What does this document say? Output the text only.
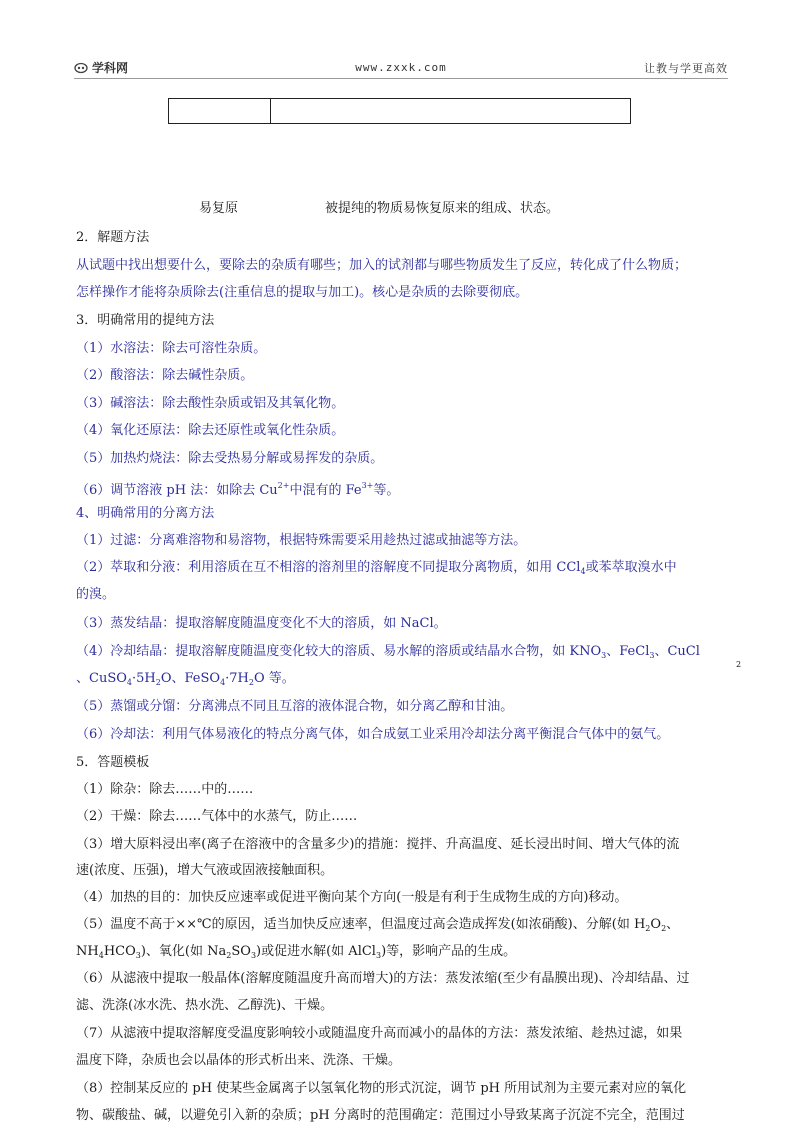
学科网	www.zxxk.com	让教与学更高效
易复原	被提纯的物质易恢复原来的组成、状态。
2．解题方法
从试题中找出想要什么，要除去的杂质有哪些；加入的试剂都与哪些物质发生了反应，转化成了什么物质；
怎样操作才能将杂质除去(注重信息的提取与加工)。核心是杂质的去除要彻底。
3．明确常用的提纯方法
（1）水溶法：除去可溶性杂质。
（2）酸溶法：除去碱性杂质。
（3）碱溶法：除去酸性杂质或铝及其氧化物。
（4）氧化还原法：除去还原性或氧化性杂质。
（5）加热灼烧法：除去受热易分解或易挥发的杂质。
（6）调节溶液 pH 法：如除去 $Cu^{2+}$中混有的 $Fe^{3+}$等。
4、明确常用的分离方法
（1）过滤：分离难溶物和易溶物，根据特殊需要采用趁热过滤或抽滤等方法。
（2）萃取和分液：利用溶质在互不相溶的溶剂里的溶解度不同提取分离物质，如用 CCl$_4$或苯萃取溴水中
的溴。
（3）蒸发结晶：提取溶解度随温度变化不大的溶质，如 NaCl。
（4）冷却结晶：提取溶解度随温度变化较大的溶质、易水解的溶质或结晶水合物，如 $KNO_3$、FeCl$_3$、CuCl
2
、$CuSO_4\cdot 5H_2O$、$FeSO_4\cdot 7H_2O$ 等。
（5）蒸馏或分馏：分离沸点不同且互溶的液体混合物，如分离乙醇和甘油。
（6）冷却法：利用气体易液化的特点分离气体，如合成氨工业采用冷却法分离平衡混合气体中的氨气。
5．答题模板
（1）除杂：除去……中的……
（2）干燥：除去……气体中的水蒸气，防止……
（3）增大原料浸出率(离子在溶液中的含量多少)的措施：搅拌、升高温度、延长浸出时间、增大气体的流
速(浓度、压强)，增大气液或固液接触面积。
（4）加热的目的：加快反应速率或促进平衡向某个方向(一般是有利于生成物生成的方向)移动。
（5）温度不高于××℃的原因，适当加快反应速率，但温度过高会造成挥发(如浓硝酸)、分解(如 $H_2O_2$、
$NH_4HCO_3$)、氧化(如 $Na_2SO_3$)或促进水解(如 AlCl$_3$)等，影响产品的生成。
（6）从滤液中提取一般晶体(溶解度随温度升高而增大)的方法：蒸发浓缩(至少有晶膜出现)、冷却结晶、过
滤、洗涤(冰水洗、热水洗、乙醇洗)、干燥。
（7）从滤液中提取溶解度受温度影响较小或随温度升高而减小的晶体的方法：蒸发浓缩、趁热过滤，如果
温度下降，杂质也会以晶体的形式析出来、洗涤、干燥。
（8）控制某反应的 pH 使某些金属离子以氢氧化物的形式沉淀，调节 pH 所用试剂为主要元素对应的氧化
物、碳酸盐、碱，以避免引入新的杂质；pH 分离时的范围确定：范围过小导致某离子沉淀不完全，范围过
